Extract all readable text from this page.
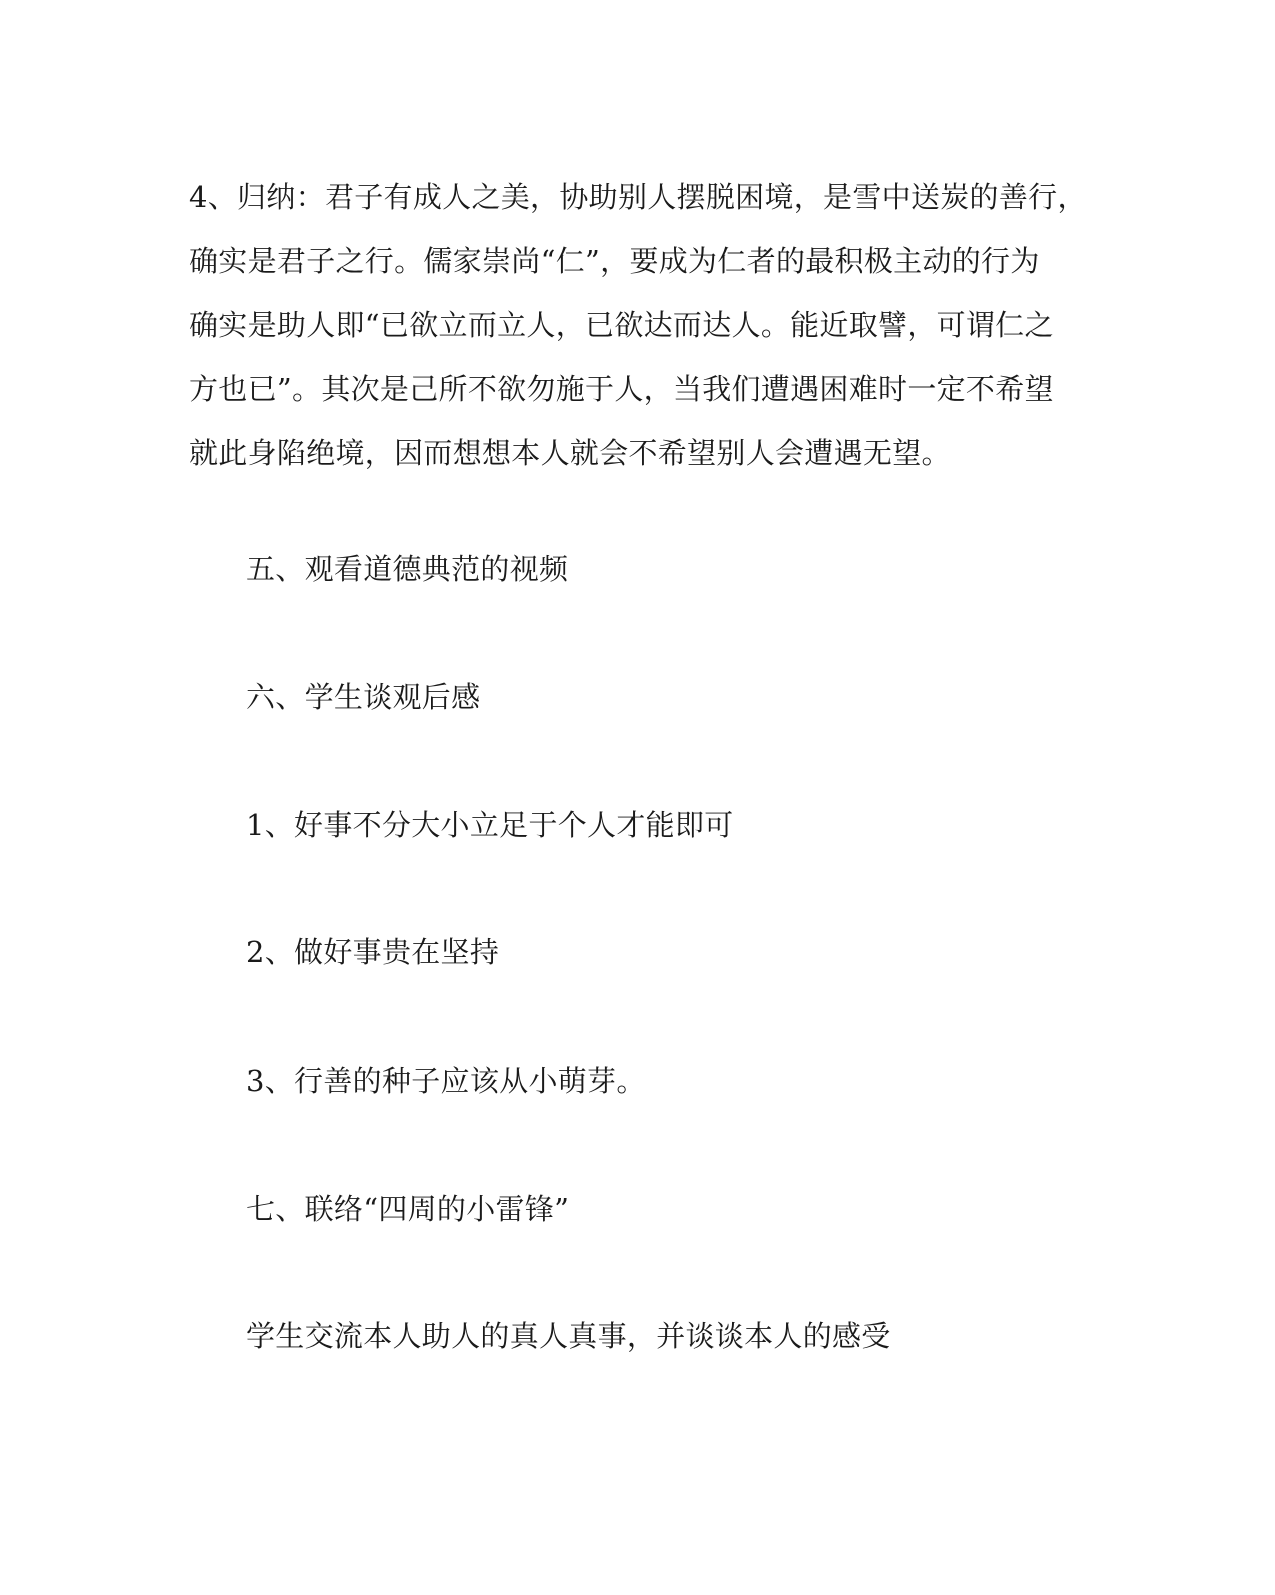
4、归纳：君子有成人之美，协助别人摆脱困境，是雪中送炭的善行，
确实是君子之行。儒家崇尚“仁”，要成为仁者的最积极主动的行为
确实是助人即“已欲立而立人，已欲达而达人。能近取譬，可谓仁之
方也已”。其次是己所不欲勿施于人，当我们遭遇困难时一定不希望
就此身陷绝境，因而想想本人就会不希望别人会遭遇无望。

五、观看道德典范的视频

六、学生谈观后感

1、好事不分大小立足于个人才能即可

2、做好事贵在坚持

3、行善的种子应该从小萌芽。

七、联络“四周的小雷锋”

学生交流本人助人的真人真事，并谈谈本人的感受
